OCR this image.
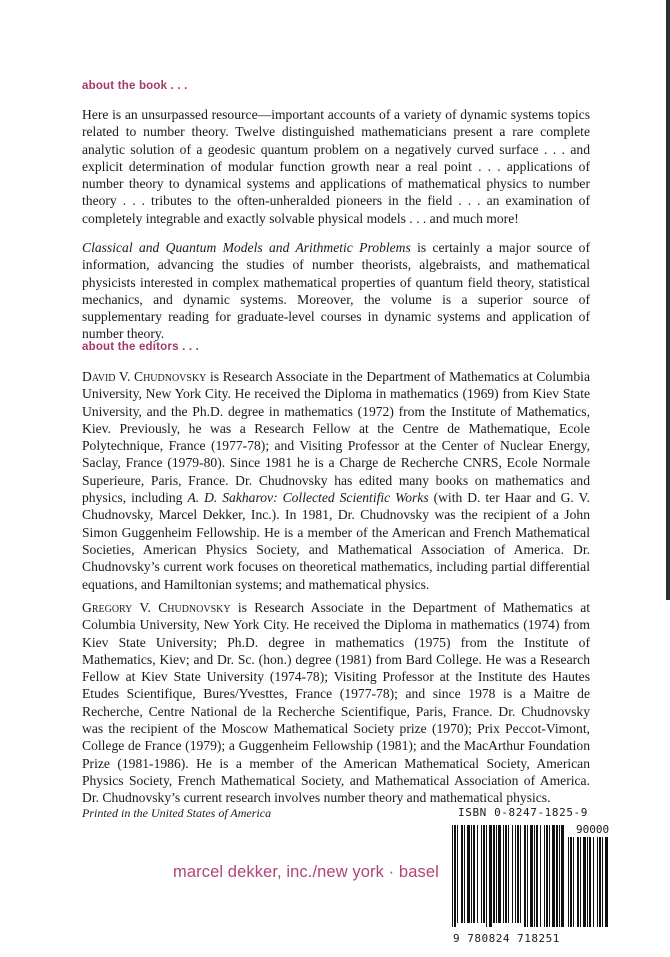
about the book . . .

Here is an unsurpassed resource—important accounts of a variety of dynamic systems topics related to number theory. Twelve distinguished mathematicians present a rare complete analytic solution of a geodesic quantum problem on a negatively curved surface . . . and explicit determination of modular function growth near a real point . . . applications of number theory to dynamical systems and applications of mathematical physics to number theory . . . tributes to the often-unheralded pioneers in the field . . . an examination of completely integrable and exactly solvable physical models . . . and much more!

Classical and Quantum Models and Arithmetic Problems is certainly a major source of information, advancing the studies of number theorists, algebraists, and mathematical physicists interested in complex mathematical properties of quantum field theory, statistical mechanics, and dynamic systems. Moreover, the volume is a superior source of supplementary reading for graduate-level courses in dynamic systems and application of number theory.

about the editors . . .

David V. Chudnovsky is Research Associate in the Department of Mathematics at Columbia University, New York City. He received the Diploma in mathematics (1969) from Kiev State University, and the Ph.D. degree in mathematics (1972) from the Institute of Mathematics, Kiev. Previously, he was a Research Fellow at the Centre de Mathematique, Ecole Polytechnique, France (1977-78); and Visiting Professor at the Center of Nuclear Energy, Saclay, France (1979-80). Since 1981 he is a Charge de Recherche CNRS, Ecole Normale Superieure, Paris, France. Dr. Chudnovsky has edited many books on mathematics and physics, including A. D. Sakharov: Collected Scientific Works (with D. ter Haar and G. V. Chudnovsky, Marcel Dekker, Inc.). In 1981, Dr. Chudnovsky was the recipient of a John Simon Guggenheim Fellowship. He is a member of the American and French Mathematical Societies, American Physics Society, and Mathematical Association of America. Dr. Chudnovsky’s current work focuses on theoretical mathematics, including partial differential equations, and Hamiltonian systems; and mathematical physics.

Gregory V. Chudnovsky is Research Associate in the Department of Mathematics at Columbia University, New York City. He received the Diploma in mathematics (1974) from Kiev State University; Ph.D. degree in mathematics (1975) from the Institute of Mathematics, Kiev; and Dr. Sc. (hon.) degree (1981) from Bard College. He was a Research Fellow at Kiev State University (1974-78); Visiting Professor at the Institute des Hautes Etudes Scientifique, Bures/Yvesttes, France (1977-78); and since 1978 is a Maitre de Recherche, Centre National de la Recherche Scientifique, Paris, France. Dr. Chudnovsky was the recipient of the Moscow Mathematical Society prize (1970); Prix Peccot-Vimont, College de France (1979); a Guggenheim Fellowship (1981); and the MacArthur Foundation Prize (1981-1986). He is a member of the American Mathematical Society, American Physics Society, French Mathematical Society, and Mathematical Association of America. Dr. Chudnovsky’s current research involves number theory and mathematical physics.

Printed in the United States of America	ISBN 0-8247-1825-9
90000
9 780824 718251
marcel dekker, inc./new york · basel
